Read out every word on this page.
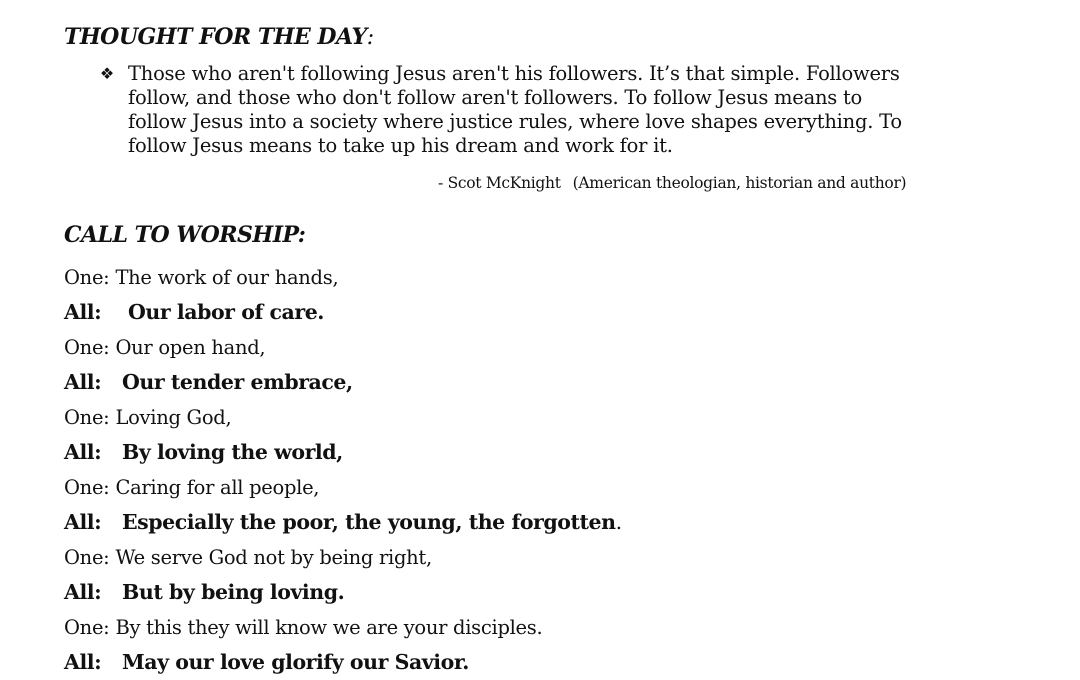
THOUGHT FOR THE DAY:
❖ Those who aren't following Jesus aren't his followers. It’s that simple. Followers
follow, and those who don't follow aren't followers. To follow Jesus means to
follow Jesus into a society where justice rules, where love shapes everything. To
follow Jesus means to take up his dream and work for it.
- Scot McKnight (American theologian, historian and author)
CALL TO WORSHIP:
One: The work of our hands,
All: Our labor of care.
One: Our open hand,
All: Our tender embrace,
One: Loving God,
All: By loving the world,
One: Caring for all people,
All: Especially the poor, the young, the forgotten.
One: We serve God not by being right,
All: But by being loving.
One: By this they will know we are your disciples.
All: May our love glorify our Savior.
